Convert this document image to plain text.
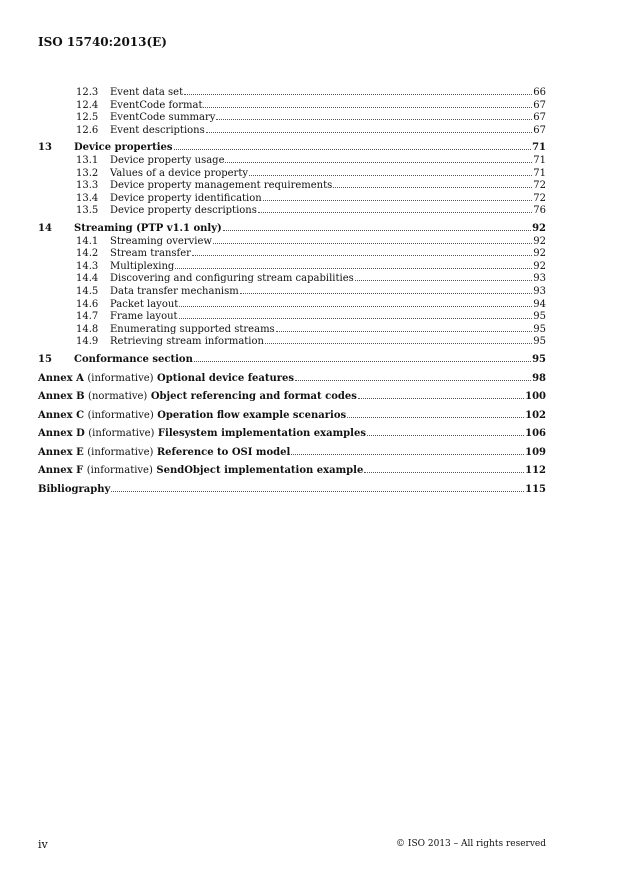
ISO 15740:2013(E)
12.3	Event data set	66
12.4	EventCode format	67
12.5	EventCode summary	67
12.6	Event descriptions	67
13	Device properties	71
13.1	Device property usage	71
13.2	Values of a device property	71
13.3	Device property management requirements	72
13.4	Device property identification	72
13.5	Device property descriptions	76
14	Streaming (PTP v1.1 only)	92
14.1	Streaming overview	92
14.2	Stream transfer	92
14.3	Multiplexing	92
14.4	Discovering and configuring stream capabilities	93
14.5	Data transfer mechanism	93
14.6	Packet layout	94
14.7	Frame layout	95
14.8	Enumerating supported streams	95
14.9	Retrieving stream information	95
15	Conformance section	95
Annex A (informative) Optional device features	98
Annex B (normative) Object referencing and format codes	100
Annex C (informative) Operation flow example scenarios	102
Annex D (informative) Filesystem implementation examples	106
Annex E (informative) Reference to OSI model	109
Annex F (informative) SendObject implementation example	112
Bibliography	115
iv	© ISO 2013 – All rights reserved
